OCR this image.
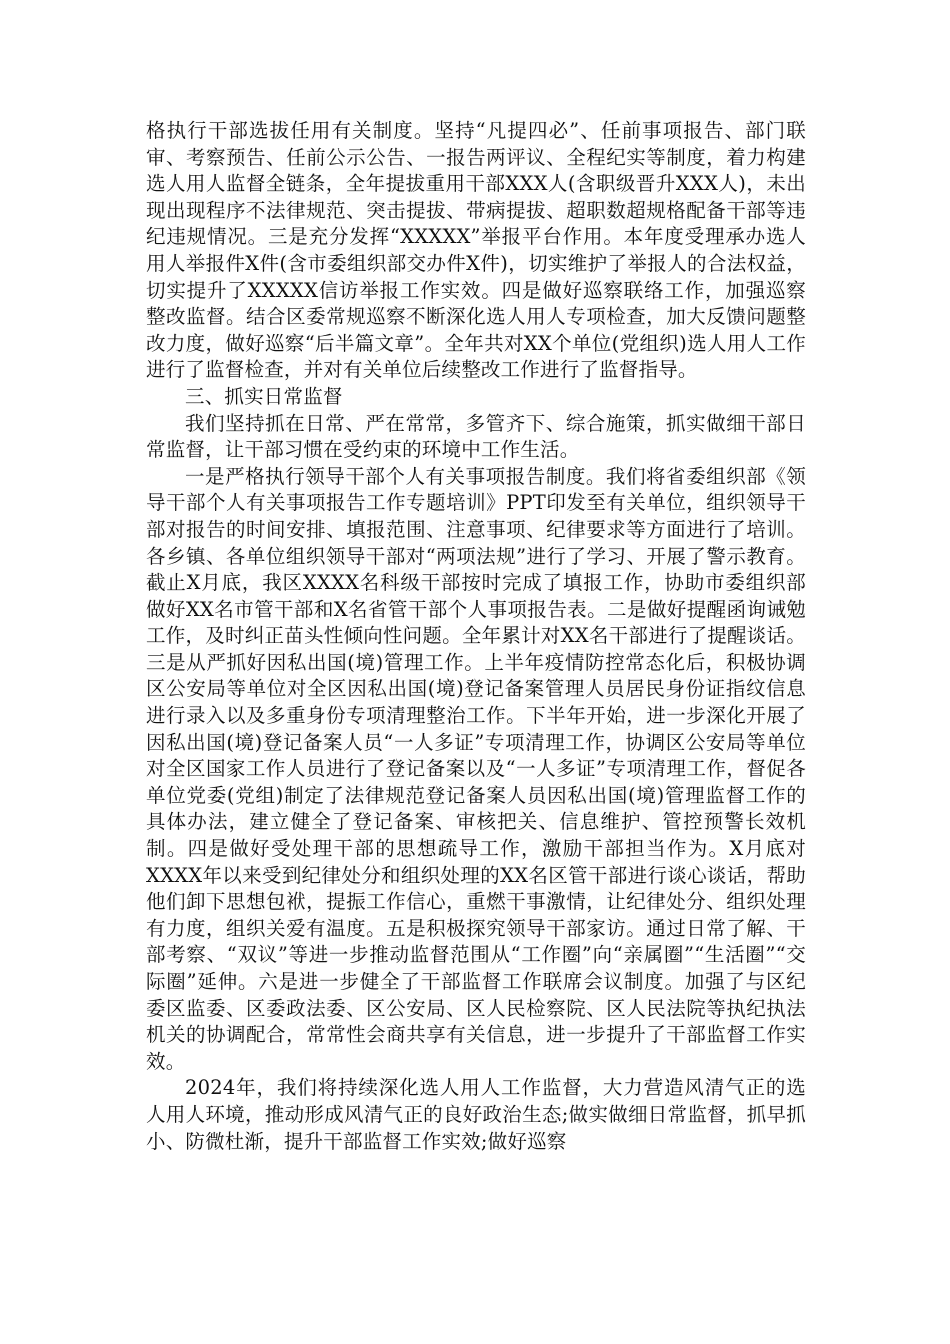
格执行干部选拔任用有关制度。坚持“凡提四必”、任前事项报告、部门联审、考察预告、任前公示公告、一报告两评议、全程纪实等制度，着力构建选人用人监督全链条，全年提拔重用干部XXX人(含职级晋升XXX人)，未出现出现程序不法律规范、突击提拔、带病提拔、超职数超规格配备干部等违纪违规情况。三是充分发挥“XXXXX”举报平台作用。本年度受理承办选人用人举报件X件(含市委组织部交办件X件)，切实维护了举报人的合法权益，切实提升了XXXXX信访举报工作实效。四是做好巡察联络工作，加强巡察整改监督。结合区委常规巡察不断深化选人用人专项检查，加大反馈问题整改力度，做好巡察“后半篇文章”。全年共对XX个单位(党组织)选人用人工作进行了监督检查，并对有关单位后续整改工作进行了监督指导。

三、抓实日常监督

我们坚持抓在日常、严在常常，多管齐下、综合施策，抓实做细干部日常监督，让干部习惯在受约束的环境中工作生活。

一是严格执行领导干部个人有关事项报告制度。我们将省委组织部《领导干部个人有关事项报告工作专题培训》PPT印发至有关单位，组织领导干部对报告的时间安排、填报范围、注意事项、纪律要求等方面进行了培训。各乡镇、各单位组织领导干部对“两项法规”进行了学习、开展了警示教育。截止X月底，我区XXXX名科级干部按时完成了填报工作，协助市委组织部做好XX名市管干部和X名省管干部个人事项报告表。二是做好提醒函询诫勉工作，及时纠正苗头性倾向性问题。全年累计对XX名干部进行了提醒谈话。三是从严抓好因私出国(境)管理工作。上半年疫情防控常态化后，积极协调区公安局等单位对全区因私出国(境)登记备案管理人员居民身份证指纹信息进行录入以及多重身份专项清理整治工作。下半年开始，进一步深化开展了因私出国(境)登记备案人员“一人多证”专项清理工作，协调区公安局等单位对全区国家工作人员进行了登记备案以及“一人多证”专项清理工作，督促各单位党委(党组)制定了法律规范登记备案人员因私出国(境)管理监督工作的具体办法，建立健全了登记备案、审核把关、信息维护、管控预警长效机制。四是做好受处理干部的思想疏导工作，激励干部担当作为。X月底对XXXX年以来受到纪律处分和组织处理的XX名区管干部进行谈心谈话，帮助他们卸下思想包袱，提振工作信心，重燃干事激情，让纪律处分、组织处理有力度，组织关爱有温度。五是积极探究领导干部家访。通过日常了解、干部考察、“双议”等进一步推动监督范围从“工作圈”向“亲属圈”“生活圈”“交际圈”延伸。六是进一步健全了干部监督工作联席会议制度。加强了与区纪委区监委、区委政法委、区公安局、区人民检察院、区人民法院等执纪执法机关的协调配合，常常性会商共享有关信息，进一步提升了干部监督工作实效。

2024年，我们将持续深化选人用人工作监督，大力营造风清气正的选人用人环境，推动形成风清气正的良好政治生态;做实做细日常监督，抓早抓小、防微杜渐，提升干部监督工作实效;做好巡察
